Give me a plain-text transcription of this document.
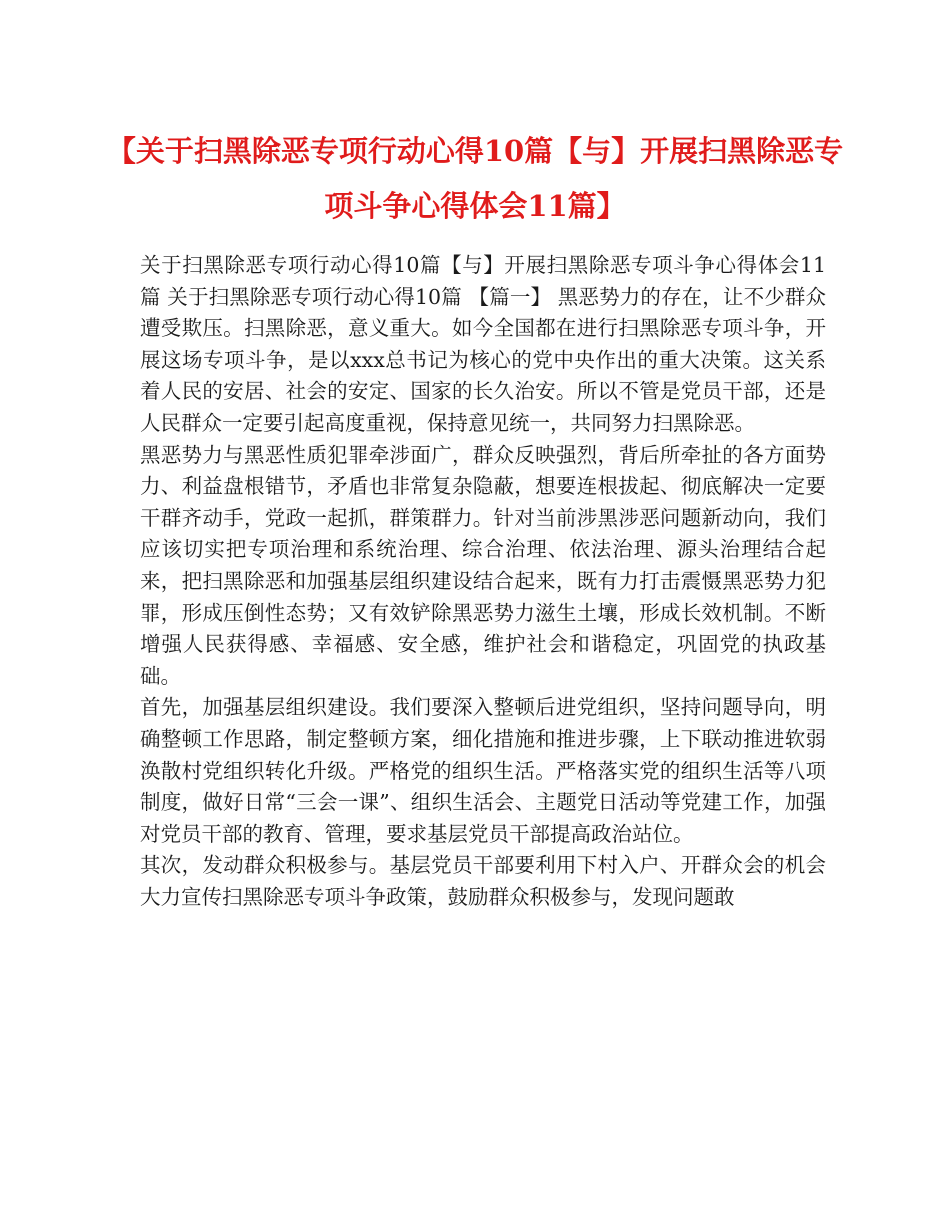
【关于扫黑除恶专项行动心得10篇【与】开展扫黑除恶专项斗争心得体会11篇】

关于扫黑除恶专项行动心得10篇【与】开展扫黑除恶专项斗争心得体会11篇 关于扫黑除恶专项行动心得10篇 【篇一】 黑恶势力的存在，让不少群众遭受欺压。扫黑除恶，意义重大。如今全国都在进行扫黑除恶专项斗争，开展这场专项斗争，是以xxx总书记为核心的党中央作出的重大决策。这关系着人民的安居、社会的安定、国家的长久治安。所以不管是党员干部，还是人民群众一定要引起高度重视，保持意见统一，共同努力扫黑除恶。

黑恶势力与黑恶性质犯罪牵涉面广，群众反映强烈，背后所牵扯的各方面势力、利益盘根错节，矛盾也非常复杂隐蔽，想要连根拔起、彻底解决一定要干群齐动手，党政一起抓，群策群力。针对当前涉黑涉恶问题新动向，我们应该切实把专项治理和系统治理、综合治理、依法治理、源头治理结合起来，把扫黑除恶和加强基层组织建设结合起来，既有力打击震慑黑恶势力犯罪，形成压倒性态势；又有效铲除黑恶势力滋生土壤，形成长效机制。不断增强人民获得感、幸福感、安全感，维护社会和谐稳定，巩固党的执政基础。

首先，加强基层组织建设。我们要深入整顿后进党组织，坚持问题导向，明确整顿工作思路，制定整顿方案，细化措施和推进步骤，上下联动推进软弱涣散村党组织转化升级。严格党的组织生活。严格落实党的组织生活等八项制度，做好日常“三会一课”、组织生活会、主题党日活动等党建工作，加强对党员干部的教育、管理，要求基层党员干部提高政治站位。

其次，发动群众积极参与。基层党员干部要利用下村入户、开群众会的机会大力宣传扫黑除恶专项斗争政策，鼓励群众积极参与，发现问题敢
